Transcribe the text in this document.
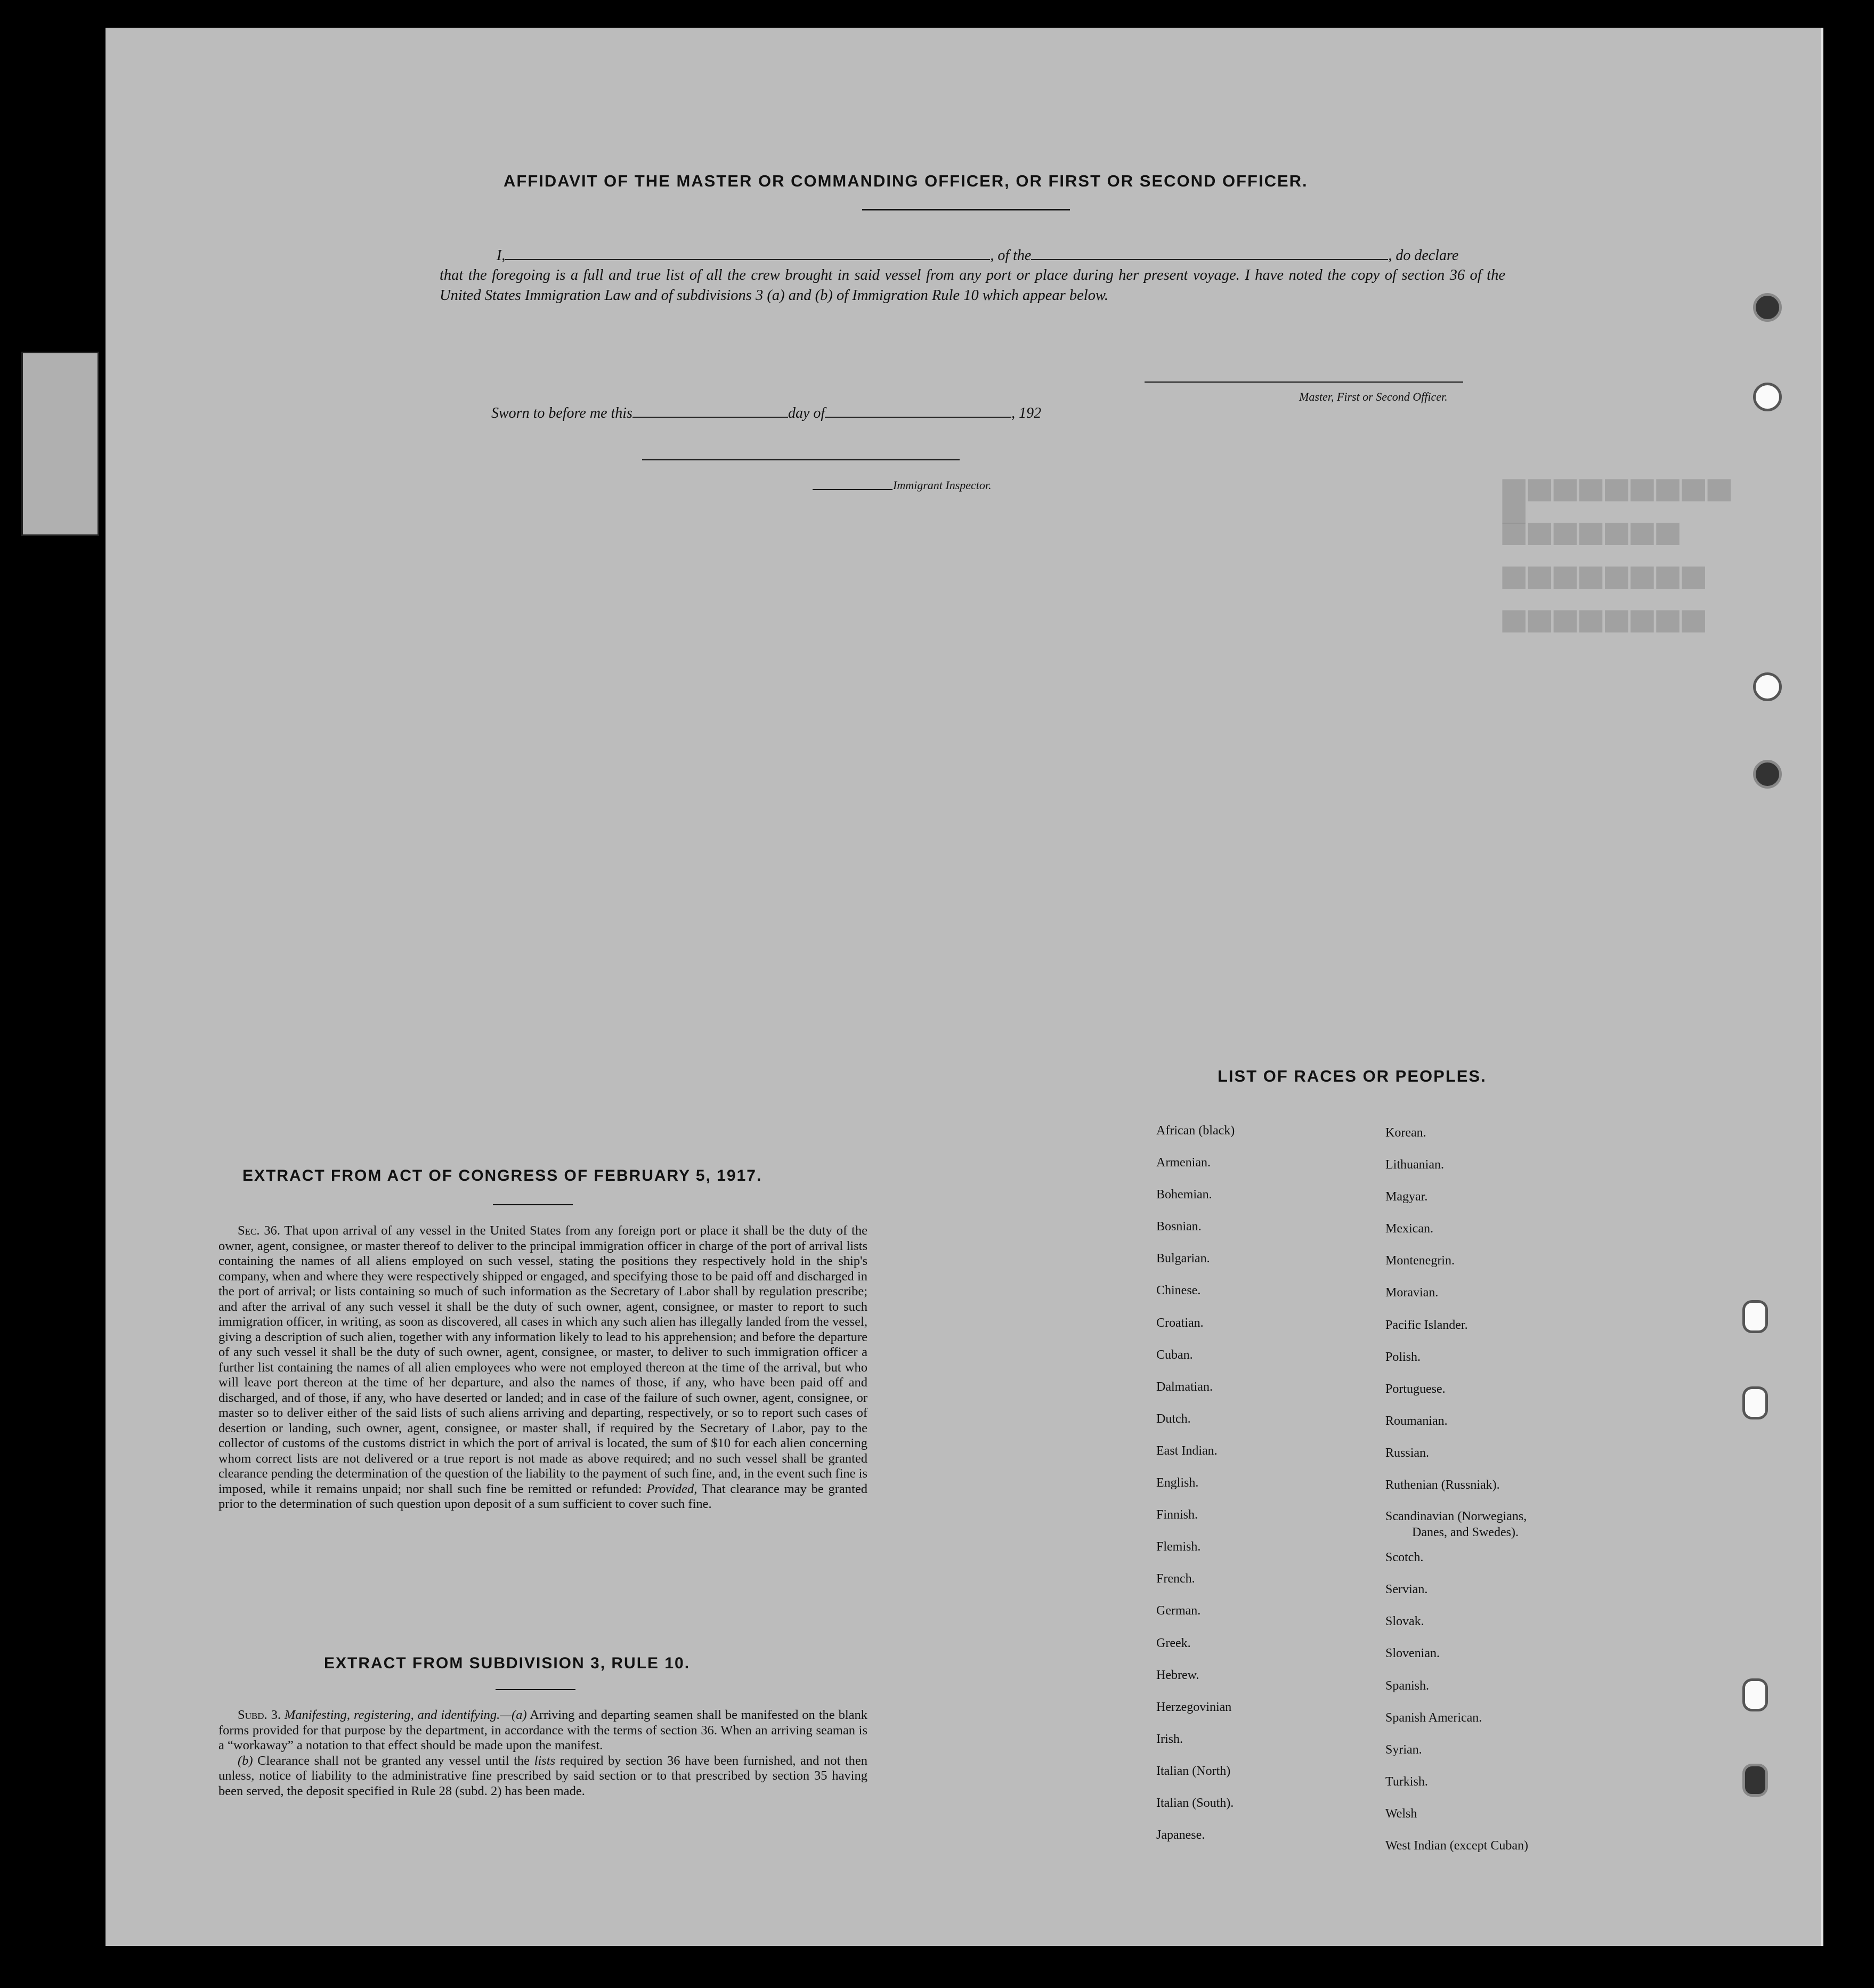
█▀▀▀▀▀▀▀▀
▀▀▀▀▀▀▀
▀▀▀▀▀▀▀▀
▀▀▀▀▀▀▀▀
AFFIDAVIT OF THE MASTER OR COMMANDING OFFICER, OR FIRST OR SECOND OFFICER.
I,	, of the	, do declare
that the foregoing is a full and true list of all the crew brought in said vessel from any port or place during her present voyage. I have noted the copy of section 36 of the United States Immigration Law and of subdivisions 3 (a) and (b) of Immigration Rule 10 which appear below.
Master, First or Second Officer.
Sworn to before me this	day of	, 192
Immigrant Inspector.
EXTRACT FROM ACT OF CONGRESS OF FEBRUARY 5, 1917.

Sec. 36. That upon arrival of any vessel in the United States from any foreign port or place it shall be the duty of the owner, agent, consignee, or master thereof to deliver to the principal immigration officer in charge of the port of arrival lists containing the names of all aliens employed on such vessel, stating the positions they respectively hold in the ship's company, when and where they were respectively shipped or engaged, and specifying those to be paid off and discharged in the port of arrival; or lists containing so much of such information as the Secretary of Labor shall by regulation prescribe; and after the arrival of any such vessel it shall be the duty of such owner, agent, consignee, or master to report to such immigration officer, in writing, as soon as discovered, all cases in which any such alien has illegally landed from the vessel, giving a description of such alien, together with any information likely to lead to his apprehension; and before the departure of any such vessel it shall be the duty of such owner, agent, consignee, or master, to deliver to such immigration officer a further list containing the names of all alien employees who were not employed thereon at the time of the arrival, but who will leave port thereon at the time of her departure, and also the names of those, if any, who have been paid off and discharged, and of those, if any, who have deserted or landed; and in case of the failure of such owner, agent, consignee, or master so to deliver either of the said lists of such aliens arriving and departing, respectively, or so to report such cases of desertion or landing, such owner, agent, consignee, or master shall, if required by the Secretary of Labor, pay to the collector of customs of the customs district in which the port of arrival is located, the sum of $10 for each alien concerning whom correct lists are not delivered or a true report is not made as above required; and no such vessel shall be granted clearance pending the determination of the question of the liability to the payment of such fine, and, in the event such fine is imposed, while it remains unpaid; nor shall such fine be remitted or refunded: Provided, That clearance may be granted prior to the determination of such question upon deposit of a sum sufficient to cover such fine.

EXTRACT FROM SUBDIVISION 3, RULE 10.

Subd. 3. Manifesting, registering, and identifying.—(a) Arriving and departing seamen shall be manifested on the blank forms provided for that purpose by the department, in accordance with the terms of section 36. When an arriving seaman is a “workaway” a notation to that effect should be made upon the manifest.

(b) Clearance shall not be granted any vessel until the lists required by section 36 have been furnished, and not then unless, notice of liability to the administrative fine prescribed by said section or to that prescribed by section 35 having been served, the deposit specified in Rule 28 (subd. 2) has been made.

LIST OF RACES OR PEOPLES.
African (black)
Armenian.
Bohemian.
Bosnian.
Bulgarian.
Chinese.
Croatian.
Cuban.
Dalmatian.
Dutch.
East Indian.
English.
Finnish.
Flemish.
French.
German.
Greek.
Hebrew.
Herzegovinian
Irish.
Italian (North)
Italian (South).
Japanese.
Korean.
Lithuanian.
Magyar.
Mexican.
Montenegrin.
Moravian.
Pacific Islander.
Polish.
Portuguese.
Roumanian.
Russian.
Ruthenian (Russniak).
Scandinavian (Norwegians,
Danes, and Swedes).
Scotch.
Servian.
Slovak.
Slovenian.
Spanish.
Spanish American.
Syrian.
Turkish.
Welsh
West Indian (except Cuban)
